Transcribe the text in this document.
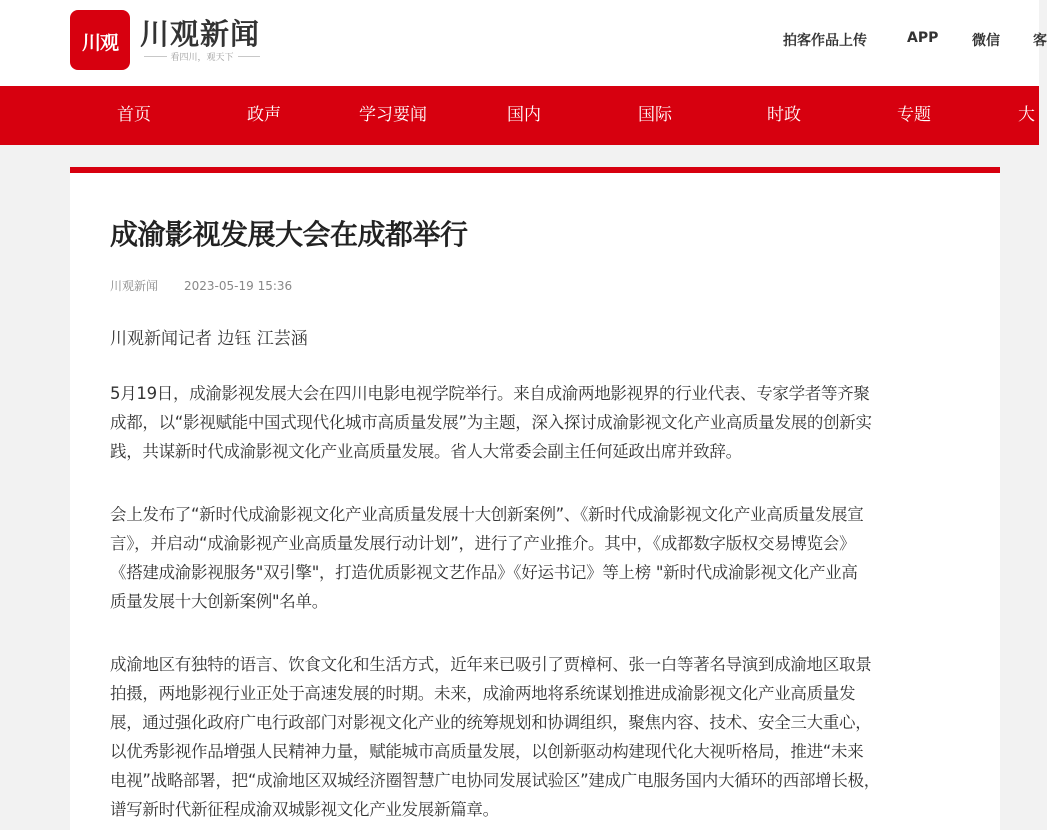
川观 川观新闻
看四川，观天下
拍客作品上传	APP 微信 客
首页	政声	学习要闻	国内	国际	时政	专题	大
成渝影视发展大会在成都举行
川观新闻 2023-05-19 15:36
川观新闻记者 边钰 江芸涵
5月19日，成渝影视发展大会在四川电影电视学院举行。来自成渝两地影视界的行业代表、专家学者等齐聚
成都，以“影视赋能中国式现代化城市高质量发展”为主题，深入探讨成渝影视文化产业高质量发展的创新实
践，共谋新时代成渝影视文化产业高质量发展。省人大常委会副主任何延政出席并致辞。
会上发布了“新时代成渝影视文化产业高质量发展十大创新案例”、《新时代成渝影视文化产业高质量发展宣
言》，并启动“成渝影视产业高质量发展行动计划”，进行了产业推介。其中，《成都数字版权交易博览会》
《搭建成渝影视服务"双引擎"，打造优质影视文艺作品》《好运书记》等上榜 "新时代成渝影视文化产业高
质量发展十大创新案例"名单。
成渝地区有独特的语言、饮食文化和生活方式，近年来已吸引了贾樟柯、张一白等著名导演到成渝地区取景
拍摄，两地影视行业正处于高速发展的时期。未来，成渝两地将系统谋划推进成渝影视文化产业高质量发
展，通过强化政府广电行政部门对影视文化产业的统筹规划和协调组织，聚焦内容、技术、安全三大重心，
以优秀影视作品增强人民精神力量，赋能城市高质量发展，以创新驱动构建现代化大视听格局，推进“未来
电视”战略部署，把“成渝地区双城经济圈智慧广电协同发展试验区”建成广电服务国内大循环的西部增长极，
谱写新时代新征程成渝双城影视文化产业发展新篇章。
